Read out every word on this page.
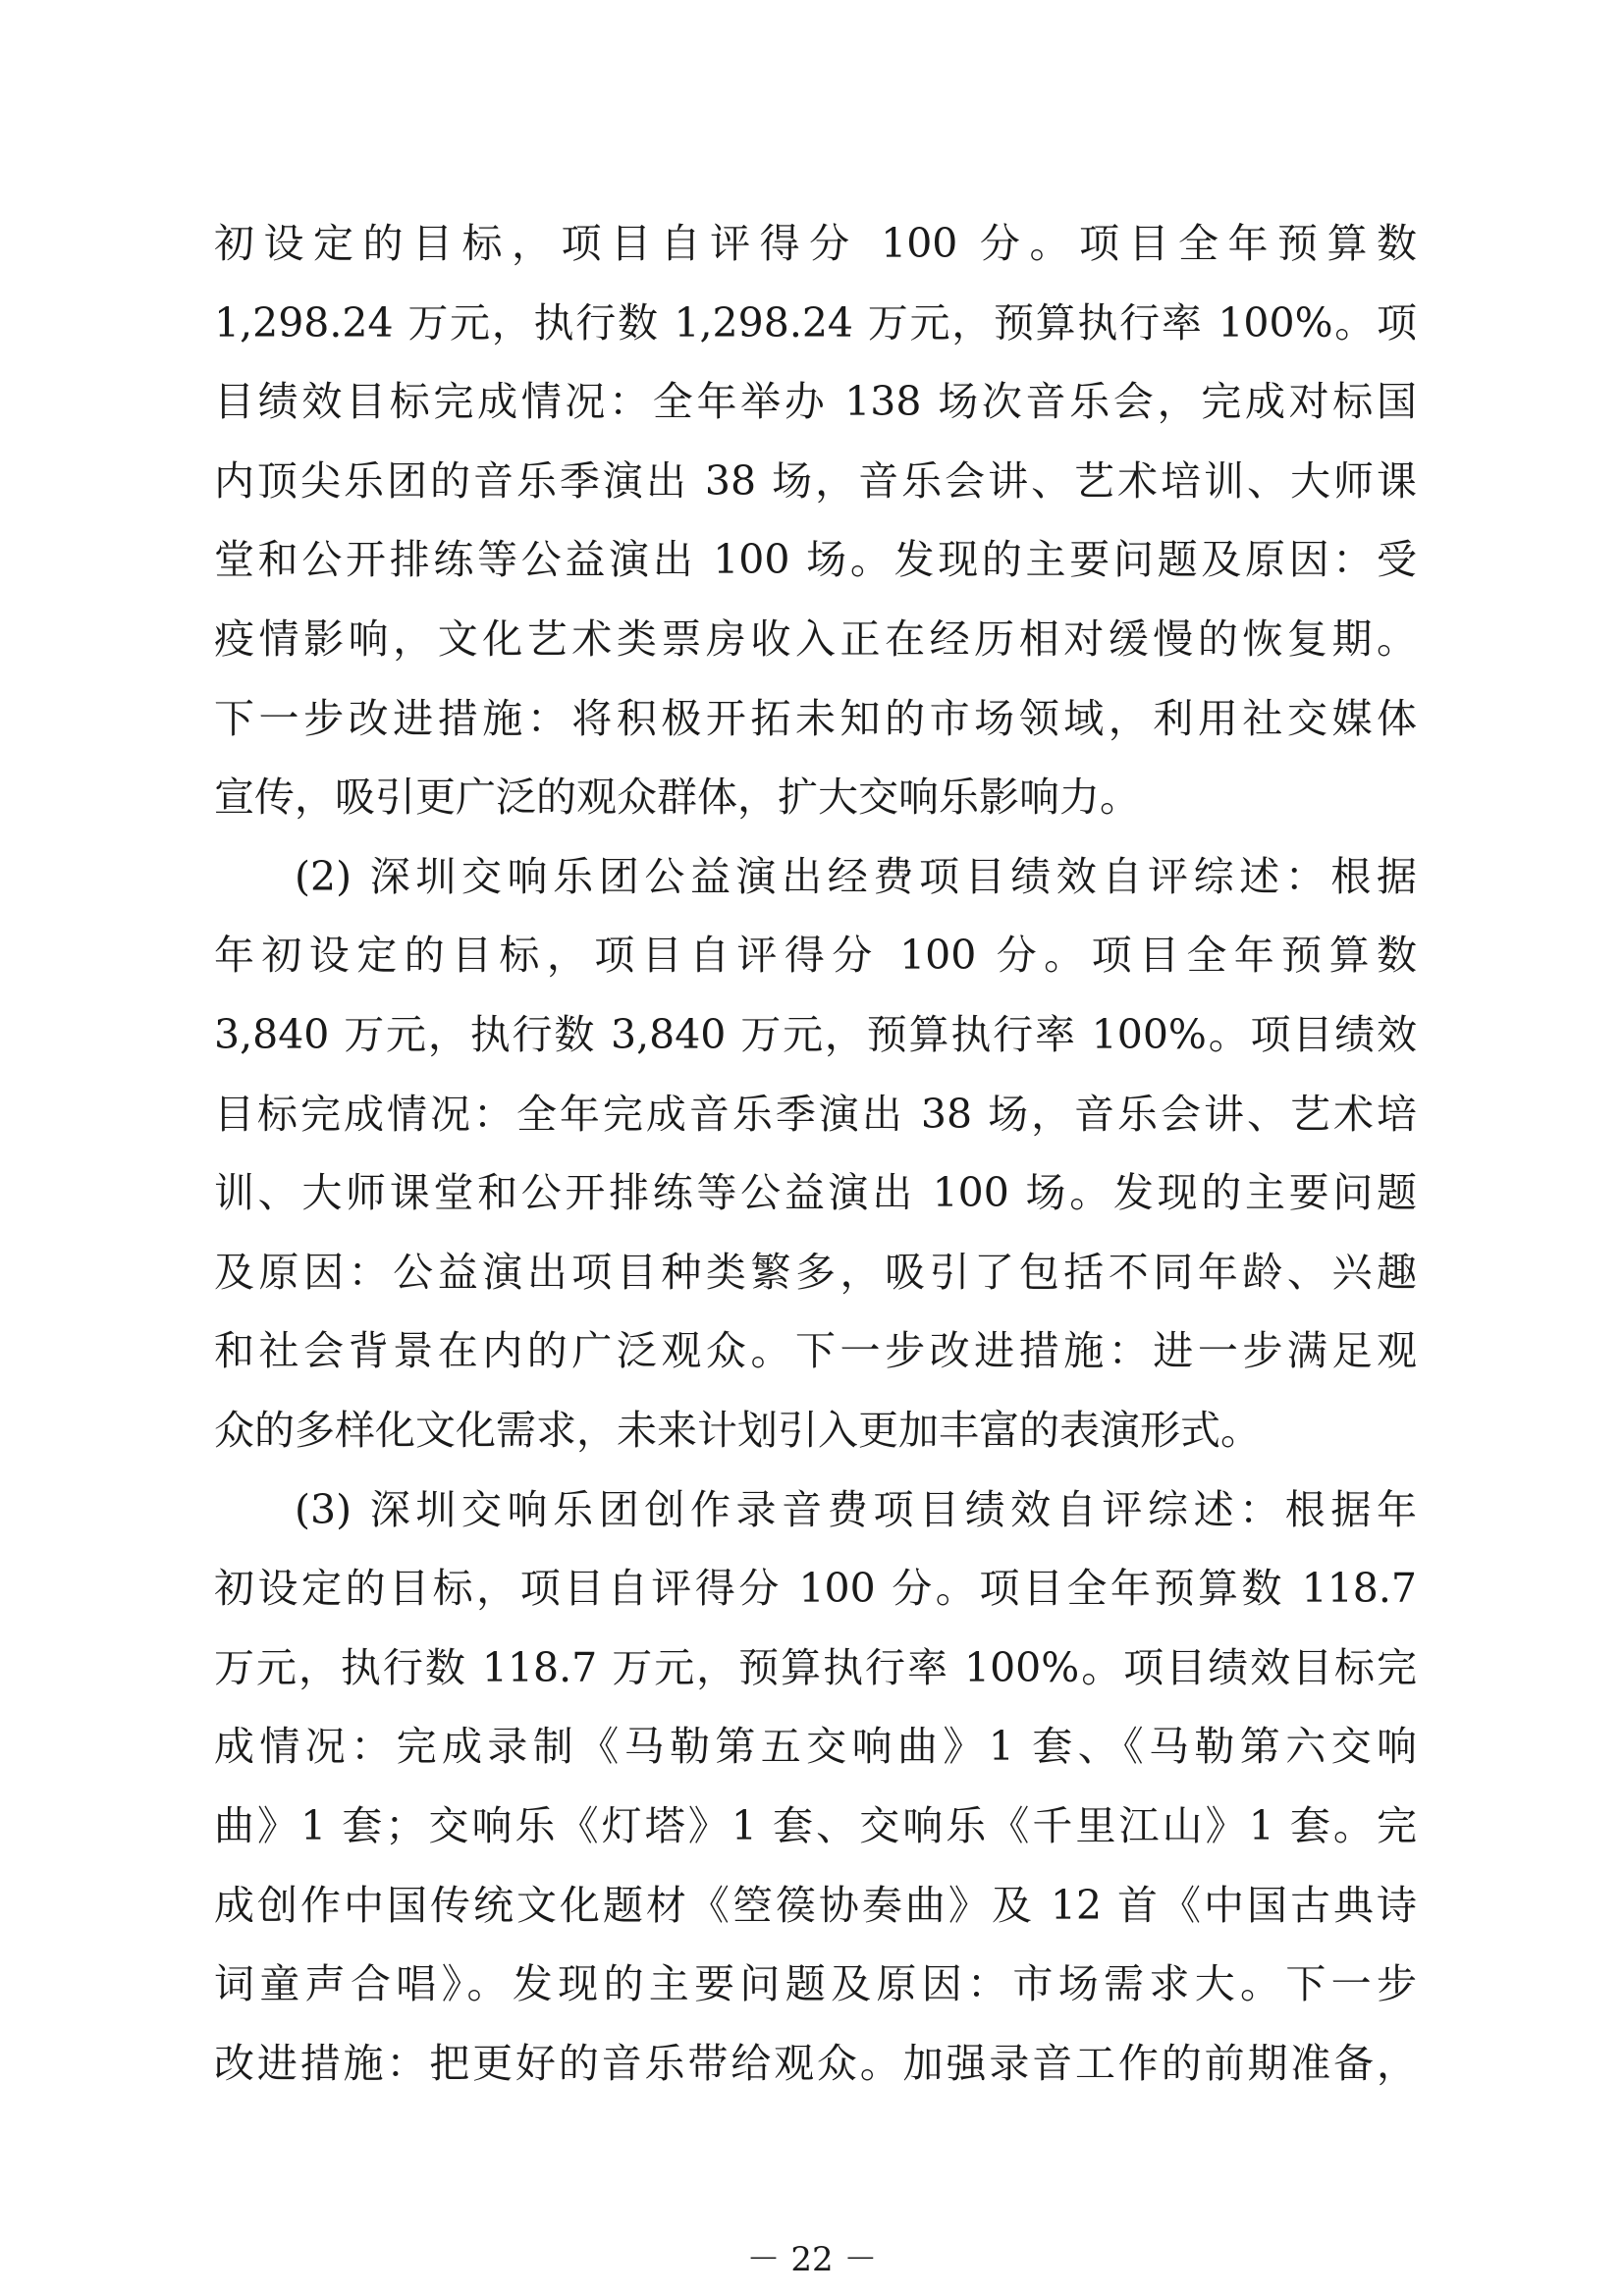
初设定的目标，项目自评得分 100 分。项目全年预算数
1,298.24 万元，执行数 1,298.24 万元，预算执行率 100%。项
目绩效目标完成情况：全年举办 138 场次音乐会，完成对标国
内顶尖乐团的音乐季演出 38 场，音乐会讲、艺术培训、大师课
堂和公开排练等公益演出 100 场。发现的主要问题及原因：受
疫情影响，文化艺术类票房收入正在经历相对缓慢的恢复期。
下一步改进措施：将积极开拓未知的市场领域，利用社交媒体
宣传，吸引更广泛的观众群体，扩大交响乐影响力。
(2) 深圳交响乐团公益演出经费项目绩效自评综述：根据
年初设定的目标，项目自评得分 100 分。项目全年预算数
3,840 万元，执行数 3,840 万元，预算执行率 100%。项目绩效
目标完成情况：全年完成音乐季演出 38 场，音乐会讲、艺术培
训、大师课堂和公开排练等公益演出 100 场。发现的主要问题
及原因：公益演出项目种类繁多，吸引了包括不同年龄、兴趣
和社会背景在内的广泛观众。下一步改进措施：进一步满足观
众的多样化文化需求，未来计划引入更加丰富的表演形式。
(3) 深圳交响乐团创作录音费项目绩效自评综述：根据年
初设定的目标，项目自评得分 100 分。项目全年预算数 118.7
万元，执行数 118.7 万元，预算执行率 100%。项目绩效目标完
成情况：完成录制《马勒第五交响曲》1 套、《马勒第六交响
曲》1 套；交响乐《灯塔》1 套、交响乐《千里江山》1 套。完
成创作中国传统文化题材《箜篌协奏曲》及 12 首《中国古典诗
词童声合唱》。发现的主要问题及原因：市场需求大。下一步
改进措施：把更好的音乐带给观众。加强录音工作的前期准备，
－ 22 －
